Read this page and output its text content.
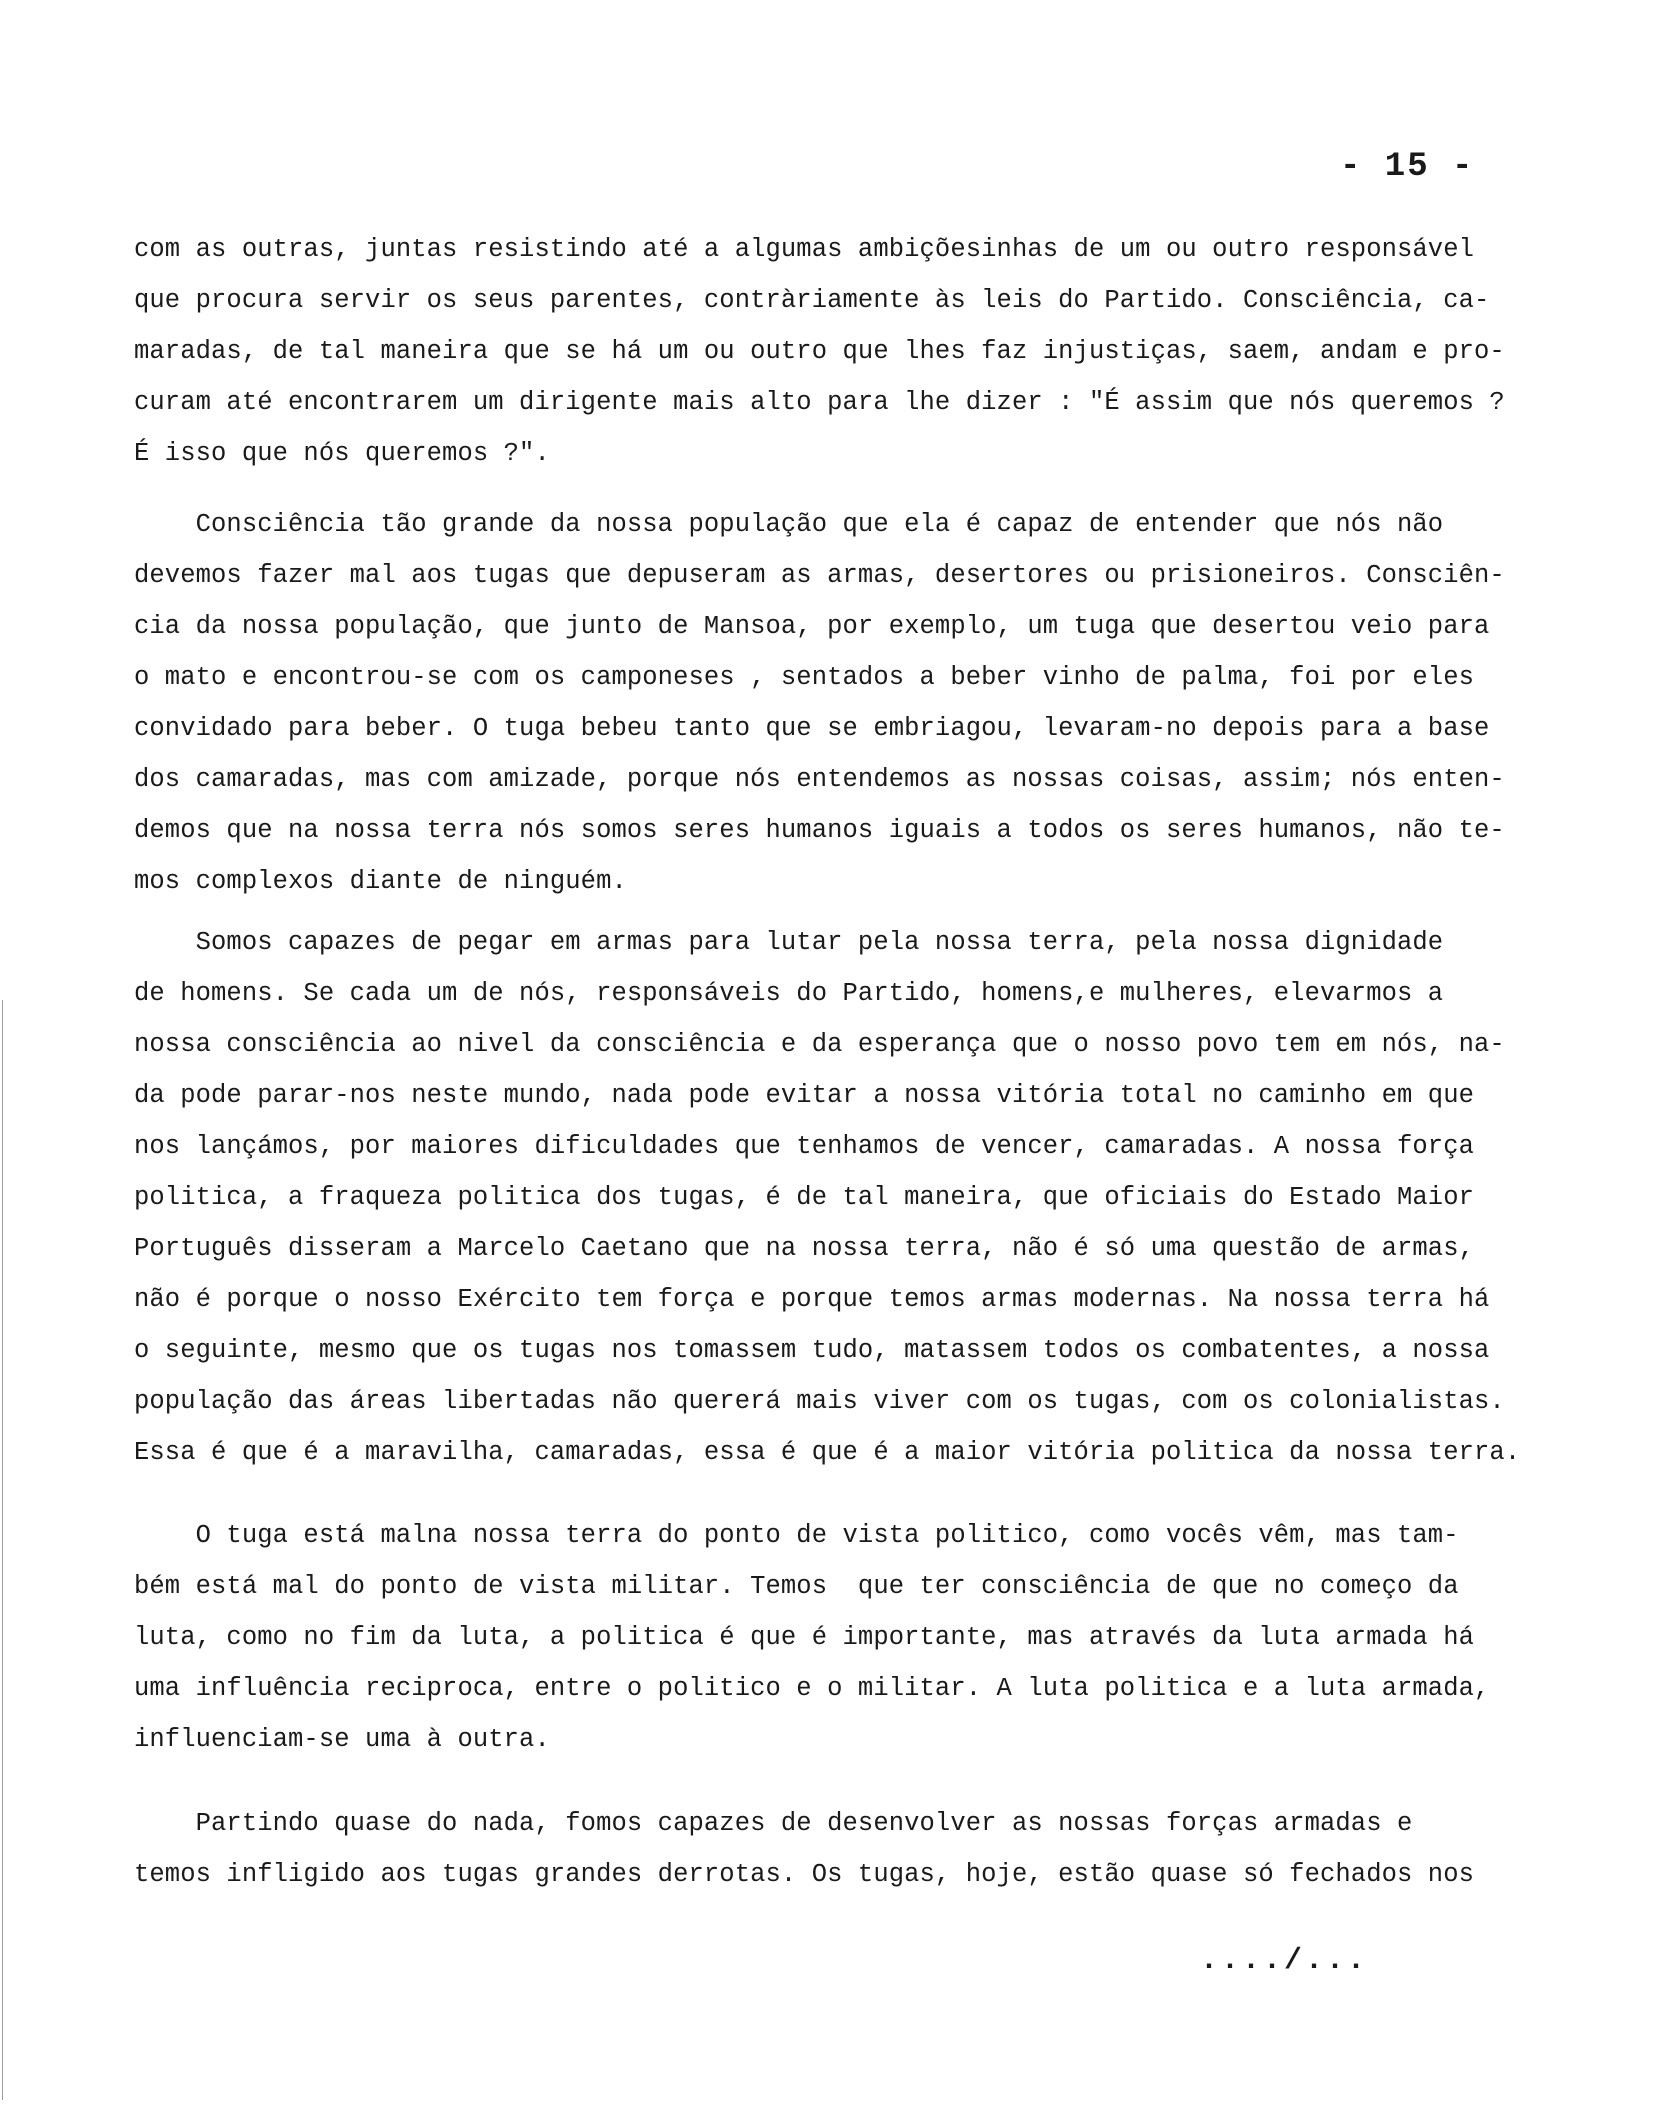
- 15 -
com as outras, juntas resistindo até a algumas ambiçõesinhas de um ou outro responsável
que procura servir os seus parentes, contràriamente às leis do Partido. Consciência, ca-
maradas, de tal maneira que se há um ou outro que lhes faz injustiças, saem, andam e pro-
curam até encontrarem um dirigente mais alto para lhe dizer : "É assim que nós queremos ?
É isso que nós queremos ?".
Consciência tão grande da nossa população que ela é capaz de entender que nós não
devemos fazer mal aos tugas que depuseram as armas, desertores ou prisioneiros. Consciên-
cia da nossa população, que junto de Mansoa, por exemplo, um tuga que desertou veio para
o mato e encontrou-se com os camponeses , sentados a beber vinho de palma, foi por eles
convidado para beber. O tuga bebeu tanto que se embriagou, levaram-no depois para a base
dos camaradas, mas com amizade, porque nós entendemos as nossas coisas, assim; nós enten-
demos que na nossa terra nós somos seres humanos iguais a todos os seres humanos, não te-
mos complexos diante de ninguém.
Somos capazes de pegar em armas para lutar pela nossa terra, pela nossa dignidade
de homens. Se cada um de nós, responsáveis do Partido, homens,e mulheres, elevarmos a
nossa consciência ao nivel da consciência e da esperança que o nosso povo tem em nós, na-
da pode parar-nos neste mundo, nada pode evitar a nossa vitória total no caminho em que
nos lançámos, por maiores dificuldades que tenhamos de vencer, camaradas. A nossa força
politica, a fraqueza politica dos tugas, é de tal maneira, que oficiais do Estado Maior
Português disseram a Marcelo Caetano que na nossa terra, não é só uma questão de armas,
não é porque o nosso Exército tem força e porque temos armas modernas. Na nossa terra há
o seguinte, mesmo que os tugas nos tomassem tudo, matassem todos os combatentes, a nossa
população das áreas libertadas não quererá mais viver com os tugas, com os colonialistas.
Essa é que é a maravilha, camaradas, essa é que é a maior vitória politica da nossa terra.
O tuga está malna nossa terra do ponto de vista politico, como vocês vêm, mas tam-
bém está mal do ponto de vista militar. Temos  que ter consciência de que no começo da
luta, como no fim da luta, a politica é que é importante, mas através da luta armada há
uma influência reciproca, entre o politico e o militar. A luta politica e a luta armada,
influenciam-se uma à outra.
Partindo quase do nada, fomos capazes de desenvolver as nossas forças armadas e
temos infligido aos tugas grandes derrotas. Os tugas, hoje, estão quase só fechados nos
..../...
